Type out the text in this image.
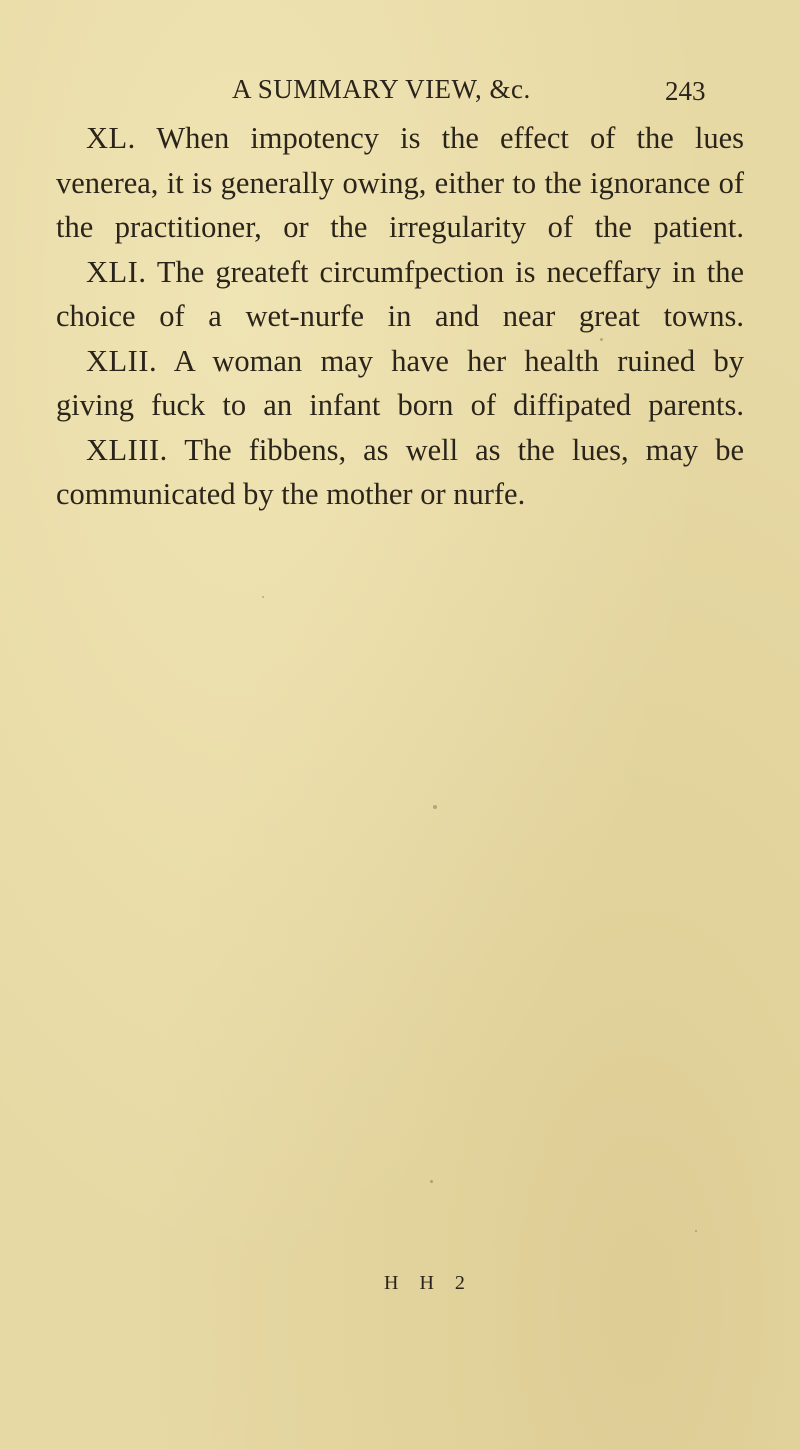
A SUMMARY VIEW, &c.	243

XL. When impotency is the effect of the lues venerea, it is generally owing, either to the ignorance of the practitioner, or the irregularity of the patient.

XLI. The greateft circumfpection is neceffary in the choice of a wet-nurfe in and near great towns.

XLII. A woman may have her health ruined by giving fuck to an infant born of diffipated parents.

XLIII. The fibbens, as well as the lues, may be communicated by the mother or nurfe.

H H 2
